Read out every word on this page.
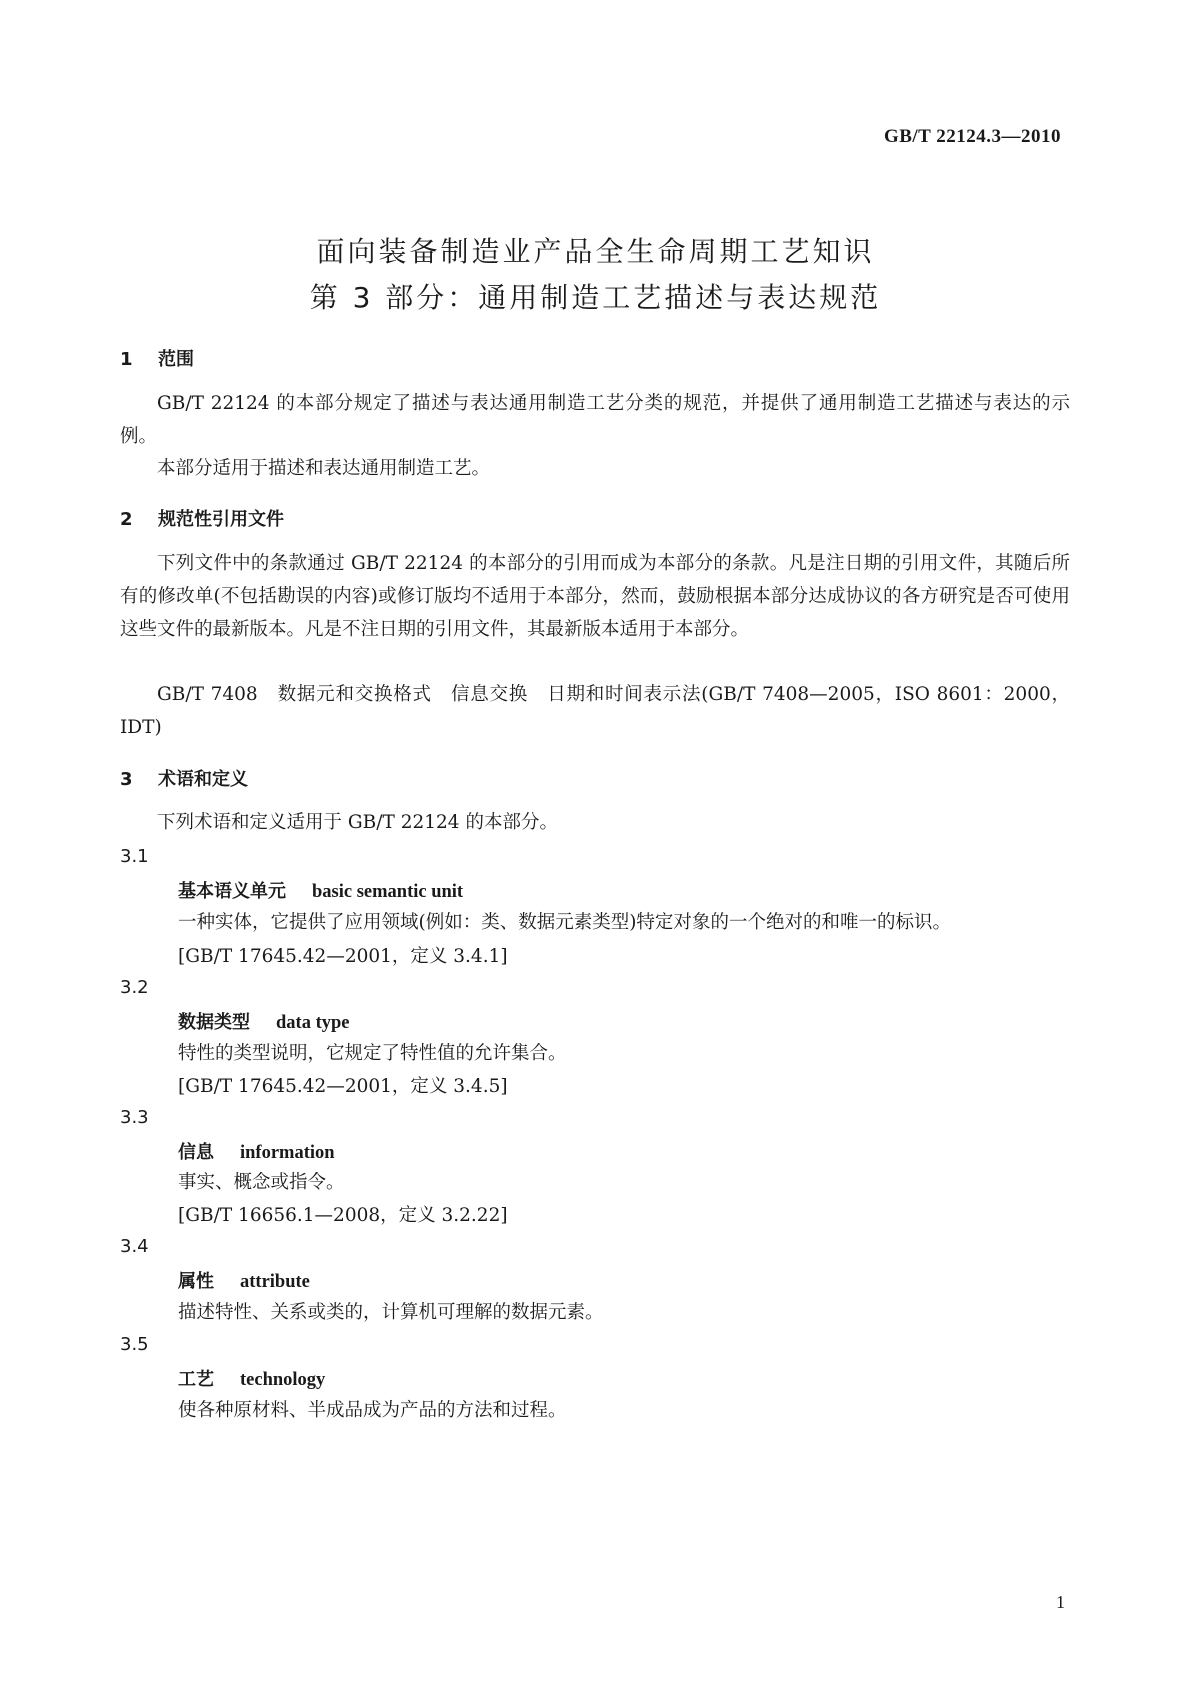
GB/T 22124.3—2010

面向装备制造业产品全生命周期工艺知识
第 3 部分：通用制造工艺描述与表达规范
1 范围

GB/T 22124 的本部分规定了描述与表达通用制造工艺分类的规范，并提供了通用制造工艺描述与表达的示例。

本部分适用于描述和表达通用制造工艺。

2 规范性引用文件

下列文件中的条款通过 GB/T 22124 的本部分的引用而成为本部分的条款。凡是注日期的引用文件，其随后所有的修改单(不包括勘误的内容)或修订版均不适用于本部分，然而，鼓励根据本部分达成协议的各方研究是否可使用这些文件的最新版本。凡是不注日期的引用文件，其最新版本适用于本部分。

GB/T 7408　数据元和交换格式　信息交换　日期和时间表示法(GB/T 7408—2005，ISO 8601：2000，IDT)

3 术语和定义

下列术语和定义适用于 GB/T 22124 的本部分。

3.1

基本语义单元 basic semantic unit

一种实体，它提供了应用领域(例如：类、数据元素类型)特定对象的一个绝对的和唯一的标识。

[GB/T 17645.42—2001，定义 3.4.1]

3.2

数据类型 data type

特性的类型说明，它规定了特性值的允许集合。

[GB/T 17645.42—2001，定义 3.4.5]

3.3

信息 information

事实、概念或指令。

[GB/T 16656.1—2008，定义 3.2.22]

3.4

属性 attribute

描述特性、关系或类的，计算机可理解的数据元素。

3.5

工艺 technology

使各种原材料、半成品成为产品的方法和过程。

1
